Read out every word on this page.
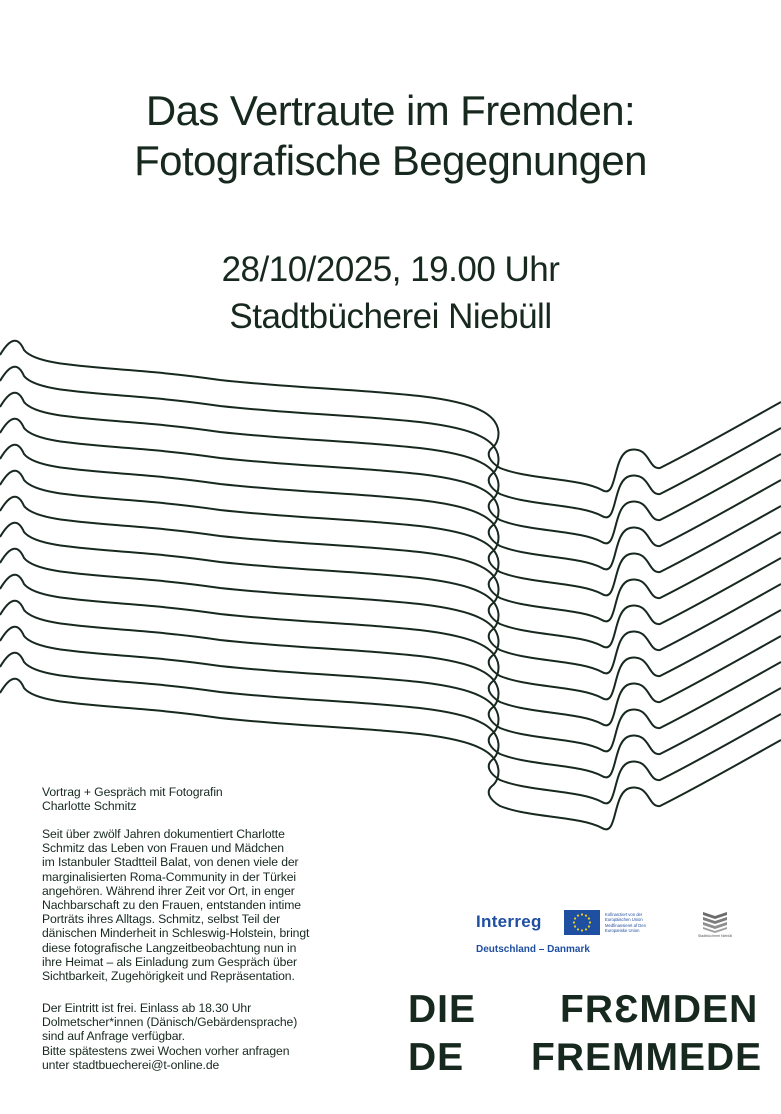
Das Vertraute im Fremden:
Fotografische Begegnungen
28/10/2025, 19.00 Uhr
Stadtbücherei Niebüll
Vortrag + Gespräch mit Fotografin
Charlotte Schmitz
Seit über zwölf Jahren dokumentiert Charlotte
Schmitz das Leben von Frauen und Mädchen
im Istanbuler Stadtteil Balat, von denen viele der
marginalisierten Roma-Community in der Türkei
angehören. Während ihrer Zeit vor Ort, in enger
Nachbarschaft zu den Frauen, entstanden intime
Porträts ihres Alltags. Schmitz, selbst Teil der
dänischen Minderheit in Schleswig-Holstein, bringt
diese fotografische Langzeitbeobachtung nun in
ihre Heimat – als Einladung zum Gespräch über
Sichtbarkeit, Zugehörigkeit und Repräsentation.
Der Eintritt ist frei. Einlass ab 18.30 Uhr
Dolmetscher*innen (Dänisch/Gebärdensprache)
sind auf Anfrage verfügbar.
Bitte spätestens zwei Wochen vorher anfragen
unter stadtbuecherei@t-online.de
Interreg	Kofinanziert von der Europäischen Union Medfinansieret af Den Europæiske Union
Deutschland – Danmark
Stadtbücherei Niebüll
DIE FRƐMDEN
DE FREMMEDE
